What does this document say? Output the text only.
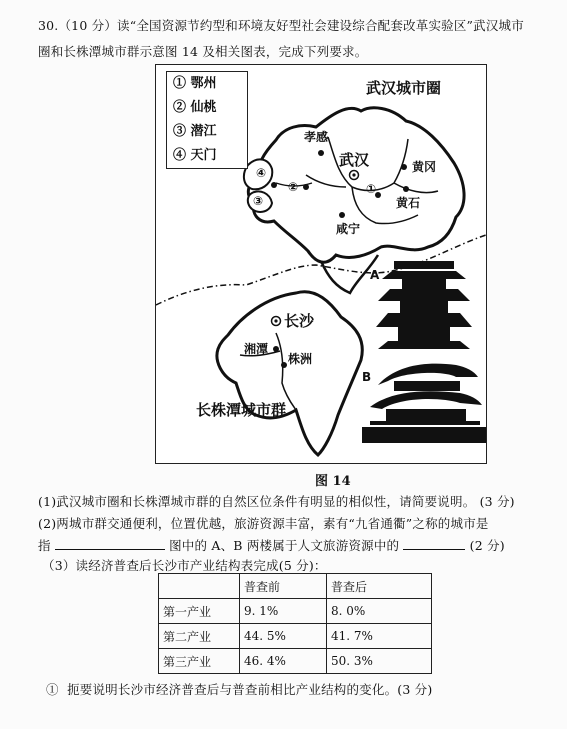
30.（10 分）读“全国资源节约型和环境友好型社会建设综合配套改革实验区”武汉城市
圈和长株潭城市群示意图 14 及相关图表，完成下列要求。
武汉城市圈
孝感
武汉	黄冈
黄石
咸宁
①
②
③
④
长沙
湘潭
株洲
长株潭城市群
A
B
① 鄂州
② 仙桃
③ 潜江
④ 天门
图 14
(1)武汉城市圈和长株潭城市群的自然区位条件有明显的相似性，请简要说明。 (3 分)
(2)两城市群交通便利，位置优越，旅游资源丰富，素有“九省通衢”之称的城市是
指	图中的 A、B 两楼属于人文旅游资源中的	(2 分)
（3）读经济普查后长沙市产业结构表完成(5 分)：
	普查前	普查后
第一产业	9. 1%	8. 0%
第二产业	44. 5%	41. 7%
第三产业	46. 4%	50. 3%
① 扼要说明长沙市经济普查后与普查前相比产业结构的变化。(3 分)
